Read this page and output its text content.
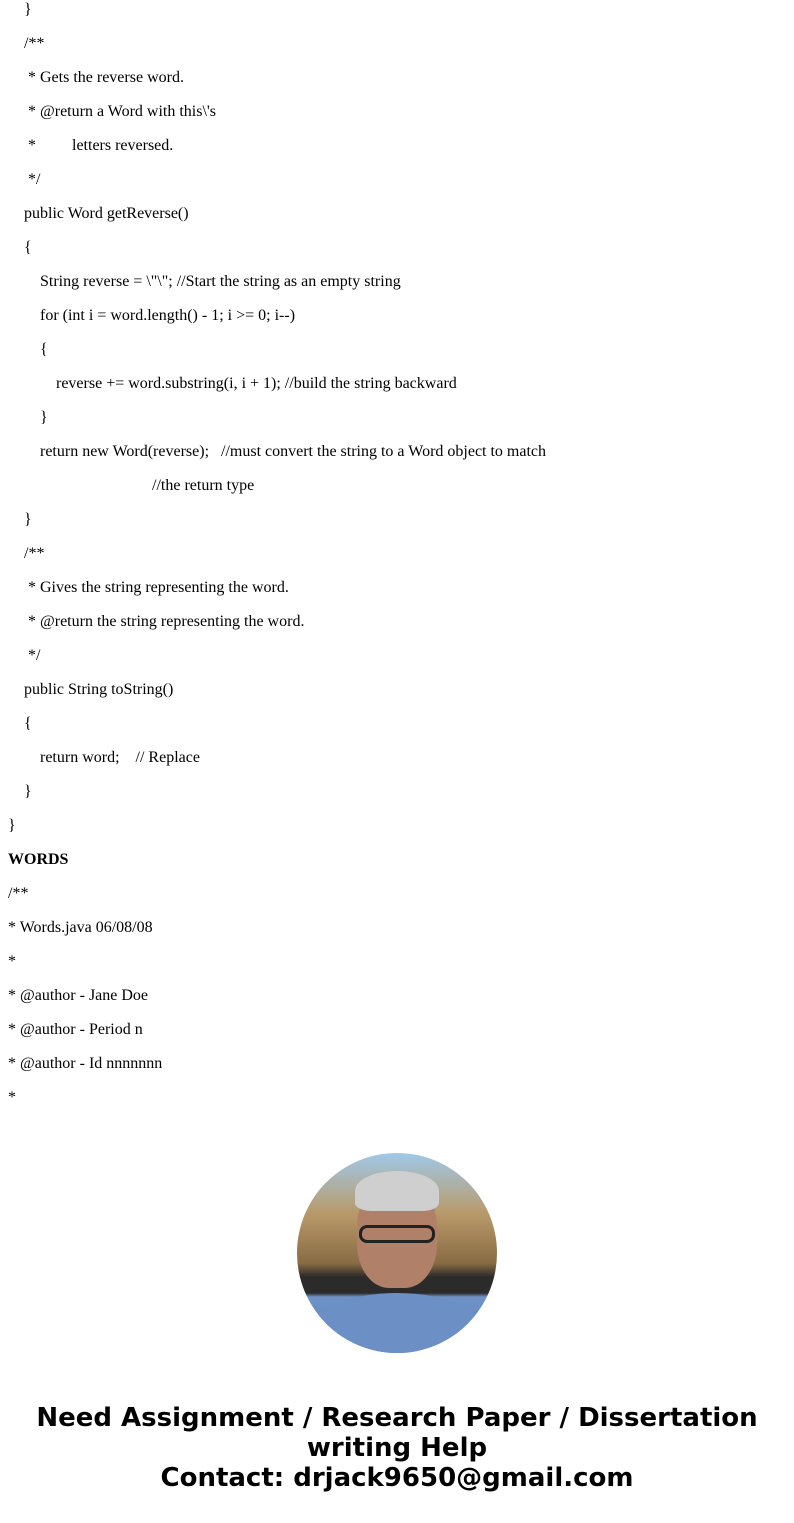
}
/**
* Gets the reverse word.
* @return a Word with this\'s
*         letters reversed.
*/
public Word getReverse()
{
String reverse = \"\"; //Start the string as an empty string
for (int i = word.length() - 1; i >= 0; i--)
{
reverse += word.substring(i, i + 1); //build the string backward
}
return new Word(reverse);   //must convert the string to a Word object to match
//the return type
}
/**
* Gives the string representing the word.
* @return the string representing the word.
*/
public String toString()
{
return word;    // Replace
}
}
WORDS
/**
* Words.java 06/08/08
*
* @author - Jane Doe
* @author - Period n
* @author - Id nnnnnnn
*
Need Assignment / Research Paper / Dissertation
writing Help
Contact: drjack9650@gmail.com
